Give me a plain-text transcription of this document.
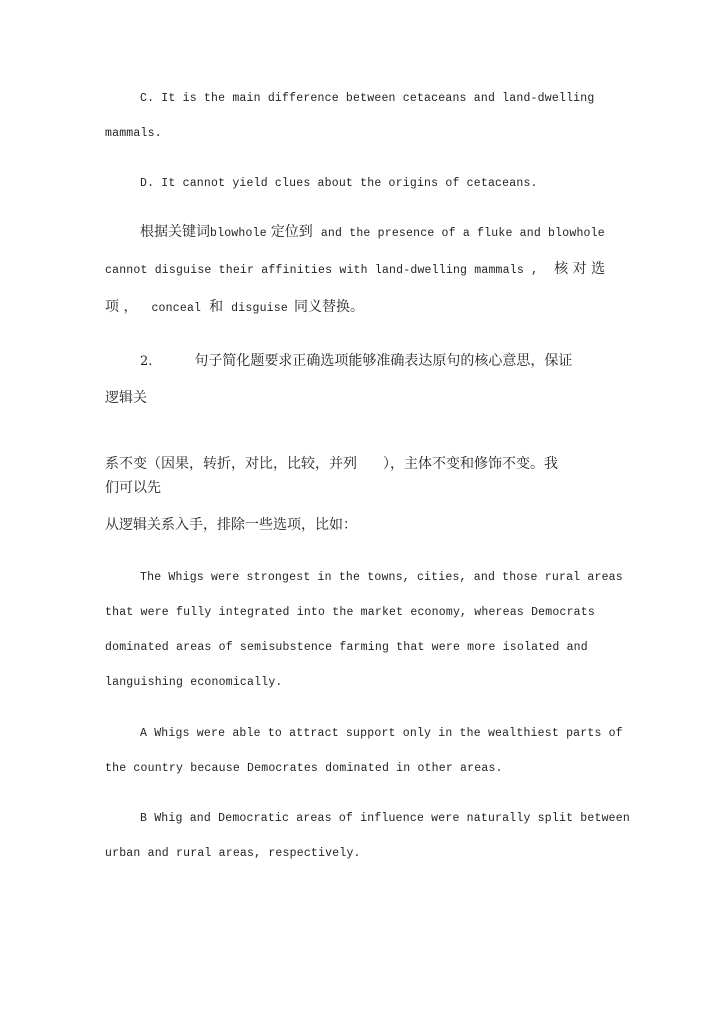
C. It is the main difference between cetaceans and land-dwelling

mammals.

D. It cannot yield clues about the origins of cetaceans.

根据关键词blowhole 定位到 and the presence of a fluke and blowhole
cannot disguise their affinities with land-dwelling mammals , 核 对 选
项 ， conceal 和 disguise 同义替换。
2.	句子简化题要求正确选项能够准确表达原句的核心意思，保证

逻辑关

系不变（因果，转折，对比，比较，并列 ），主体不变和修饰不变。我

们可以先

从逻辑关系入手，排除一些选项，比如：

The Whigs were strongest in the towns, cities, and those rural areas

that were fully integrated into the market economy, whereas Democrats

dominated areas of semisubstence farming that were more isolated and

languishing economically.

A Whigs were able to attract support only in the wealthiest parts of

the country because Democrates dominated in other areas.

B Whig and Democratic areas of influence were naturally split between

urban and rural areas, respectively.
